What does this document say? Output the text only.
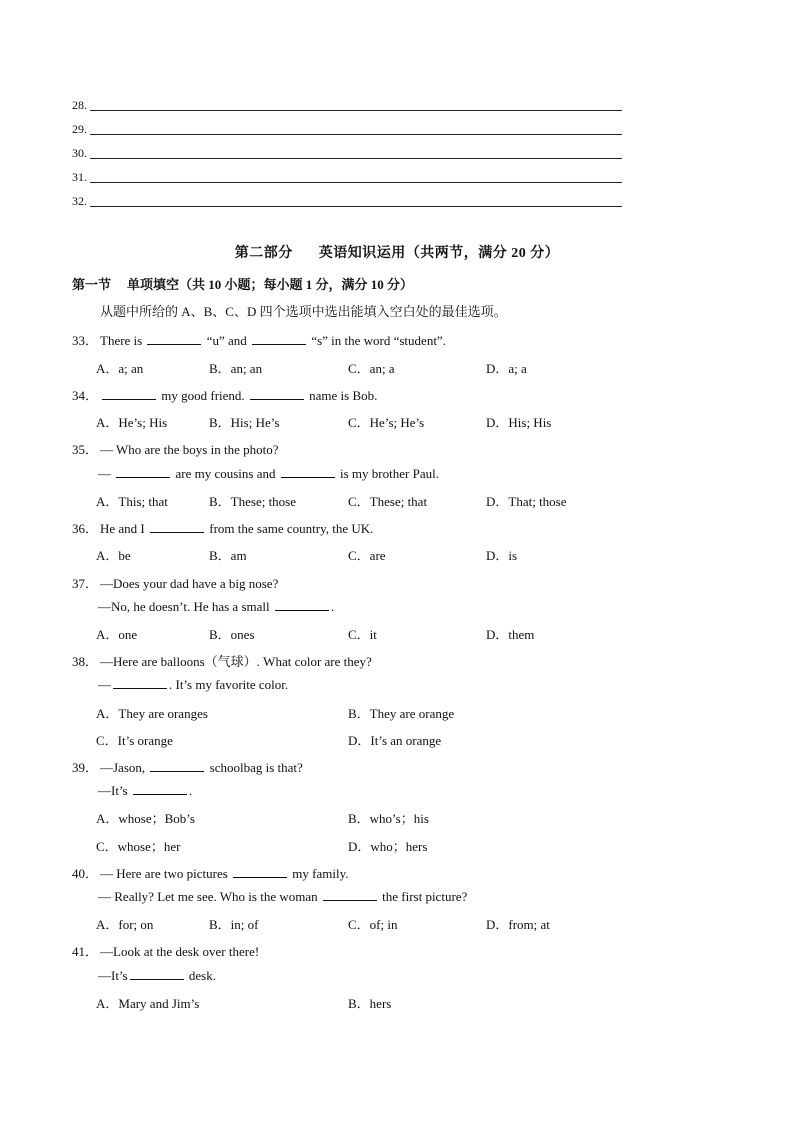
28.
29.
30.
31.
32.
第二部分 英语知识运用（共两节，满分 20 分）
第一节 单项填空（共 10 小题；每小题 1 分，满分 10 分）
从题中所给的 A、B、C、D 四个选项中选出能填入空白处的最佳选项。
33． There is	“u” and	“s” in the word “student”.
A．a; an	B．an; an	C．an; a	D．a; a
34．	my good friend.	name is Bob.
A．He’s; His	B．His; He’s	C．He’s; He’s	D．His; His
35． — Who are the boys in the photo?
—	are my cousins and	is my brother Paul.
A．This; that	B．These; those	C．These; that	D．That; those
36． He and I	from the same country, the UK.
A．be	B．am	C．are	D．is
37． —Does your dad have a big nose?
—No, he doesn’t. He has a small	.
A．one	B．ones	C．it	D．them
38． —Here are balloons（气球）. What color are they?
—	. It’s my favorite color.
A．They are oranges	B．They are orange
C．It’s orange	D．It’s an orange
39． —Jason,	schoolbag is that?
—It’s	.
A．whose；Bob’s	B．who’s；his
C．whose；her	D．who；hers
40． — Here are two pictures	my family.
— Really? Let me see. Who is the woman	the first picture?
A．for; on	B．in; of	C．of; in	D．from; at
41． —Look at the desk over there!
—It’s	desk.
A．Mary and Jim’s	B．hers
